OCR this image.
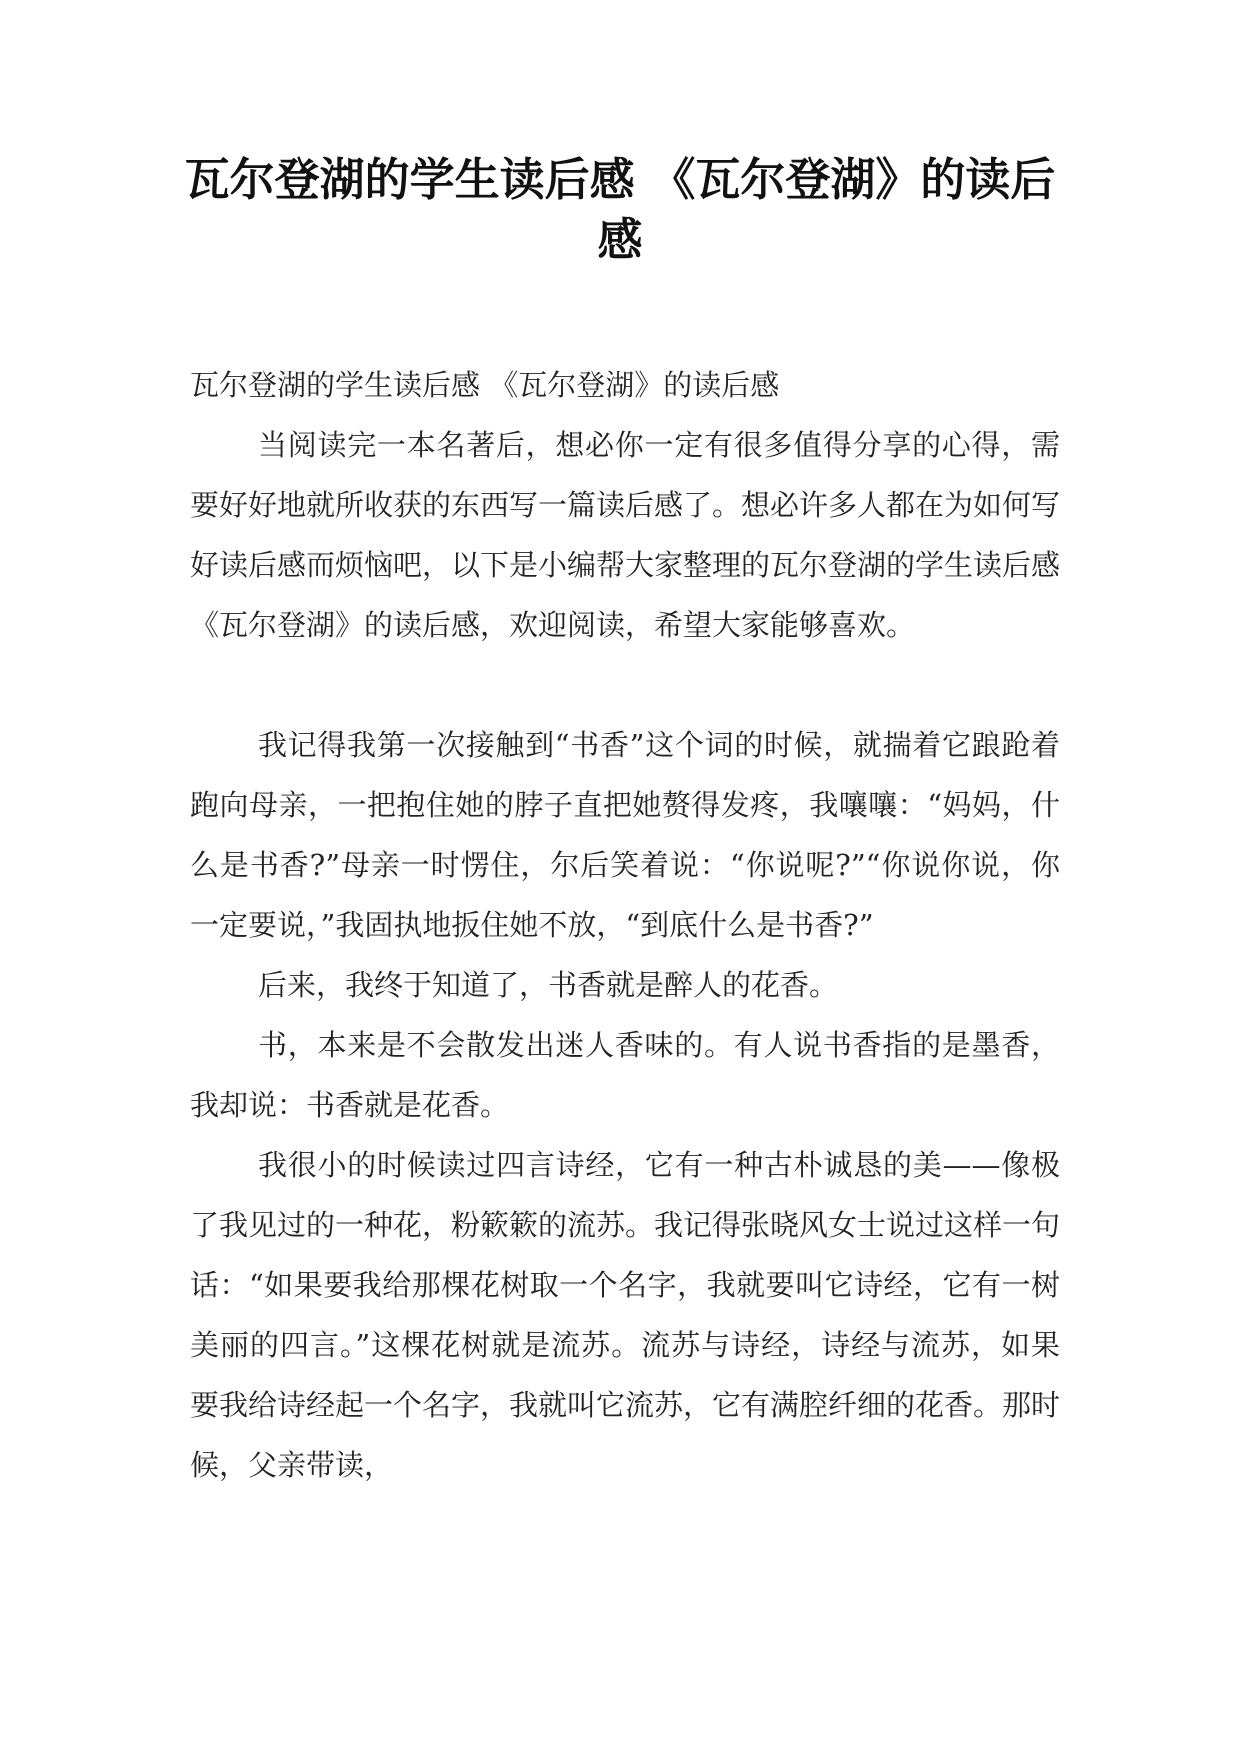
瓦尔登湖的学生读后感 《瓦尔登湖》的读后感

瓦尔登湖的学生读后感 《瓦尔登湖》的读后感

当阅读完一本名著后，想必你一定有很多值得分享的心得，需要好好地就所收获的东西写一篇读后感了。想必许多人都在为如何写好读后感而烦恼吧，以下是小编帮大家整理的瓦尔登湖的学生读后感 《瓦尔登湖》的读后感，欢迎阅读，希望大家能够喜欢。

我记得我第一次接触到“书香”这个词的时候，就揣着它踉跄着跑向母亲，一把抱住她的脖子直把她赘得发疼，我嚷嚷：“妈妈，什么是书香?”母亲一时愣住，尔后笑着说：“你说呢?”“你说你说，你一定要说，”我固执地扳住她不放，“到底什么是书香?”

后来，我终于知道了，书香就是醉人的花香。

书，本来是不会散发出迷人香味的。有人说书香指的是墨香，我却说：书香就是花香。

我很小的时候读过四言诗经，它有一种古朴诚恳的美——像极了我见过的一种花，粉簌簌的流苏。我记得张晓风女士说过这样一句话：“如果要我给那棵花树取一个名字，我就要叫它诗经，它有一树美丽的四言。”这棵花树就是流苏。流苏与诗经，诗经与流苏，如果要我给诗经起一个名字，我就叫它流苏，它有满腔纤细的花香。那时候，父亲带读，
